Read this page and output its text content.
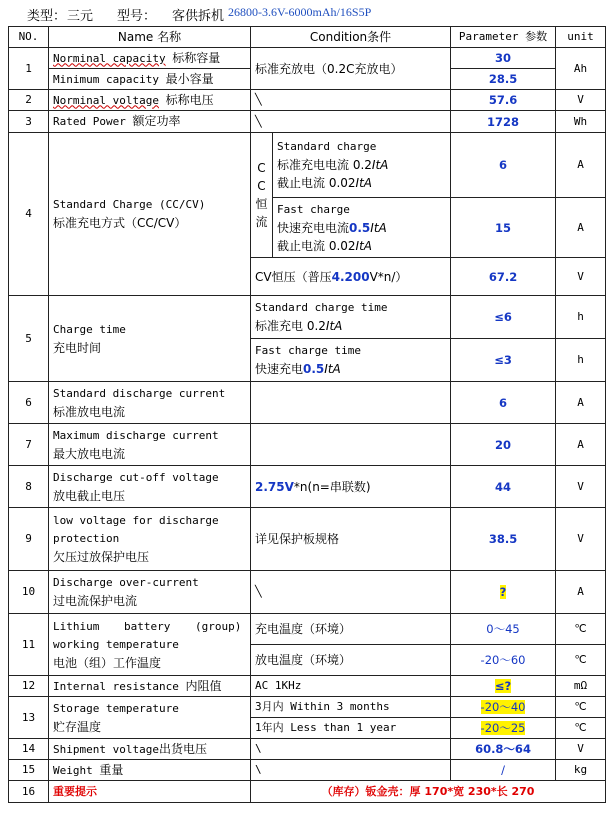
类型： 三元 型号： 客供拆机 26800-3.6V-6000mAh/16S5P
NO.	Name 名称	Condition条件		Parameter 参数	unit
1	Norminal capacity 标称容量	标准充放电（0.2C充放电）		30	Ah
	Minimum capacity 最小容量			28.5	
2	Norminal voltage 标称电压	╲		57.6	V
3	Rated Power 额定功率	╲		1728	Wh
4	Standard Charge (CC/CV)
标准充电方式（CC/CV）	C
C
恒
流	Standard charge
标准充电电流 0.2ItA
截止电流 0.02ItA	6	A

			Fast charge
快速充电电流0.5ItA
截止电流 0.02ItA	15	A
		CV恒压（普压4.200V*n/）		67.2	V
5	Charge time
充电时间	Standard charge time
标准充电 0.2ItA		≤6	h

		Fast charge time
快速充电0.5ItA		≤3	h
6	Standard discharge current
标准放电电流			6	A
7	Maximum discharge current
最大放电电流			20	A
8	Discharge cut-off voltage
放电截止电压	2.75V*n(n=串联数)		44	V
9	low voltage for discharge
protection
欠压过放保护电压	详见保护板规格		38.5	V
10	Discharge over-current
过电流保护电流	╲		?	A
11	Lithium battery (group)
working temperature
电池（组）工作温度	充电温度（环境）		0～45	℃
		放电温度（环境）		-20～60	℃
12	Internal resistance 内阻值	AC 1KHz		≤?	mΩ
13	Storage temperature
贮存温度	3月内 Within 3 months		-20～40	℃
		1年内 Less than 1 year		-20～25	℃
14	Shipment voltage出货电压	\		60.8～64	V
15	Weight 重量	\		/	kg
16	重要提示	（库存）钣金壳：厚 170*宽 230*长 270			
